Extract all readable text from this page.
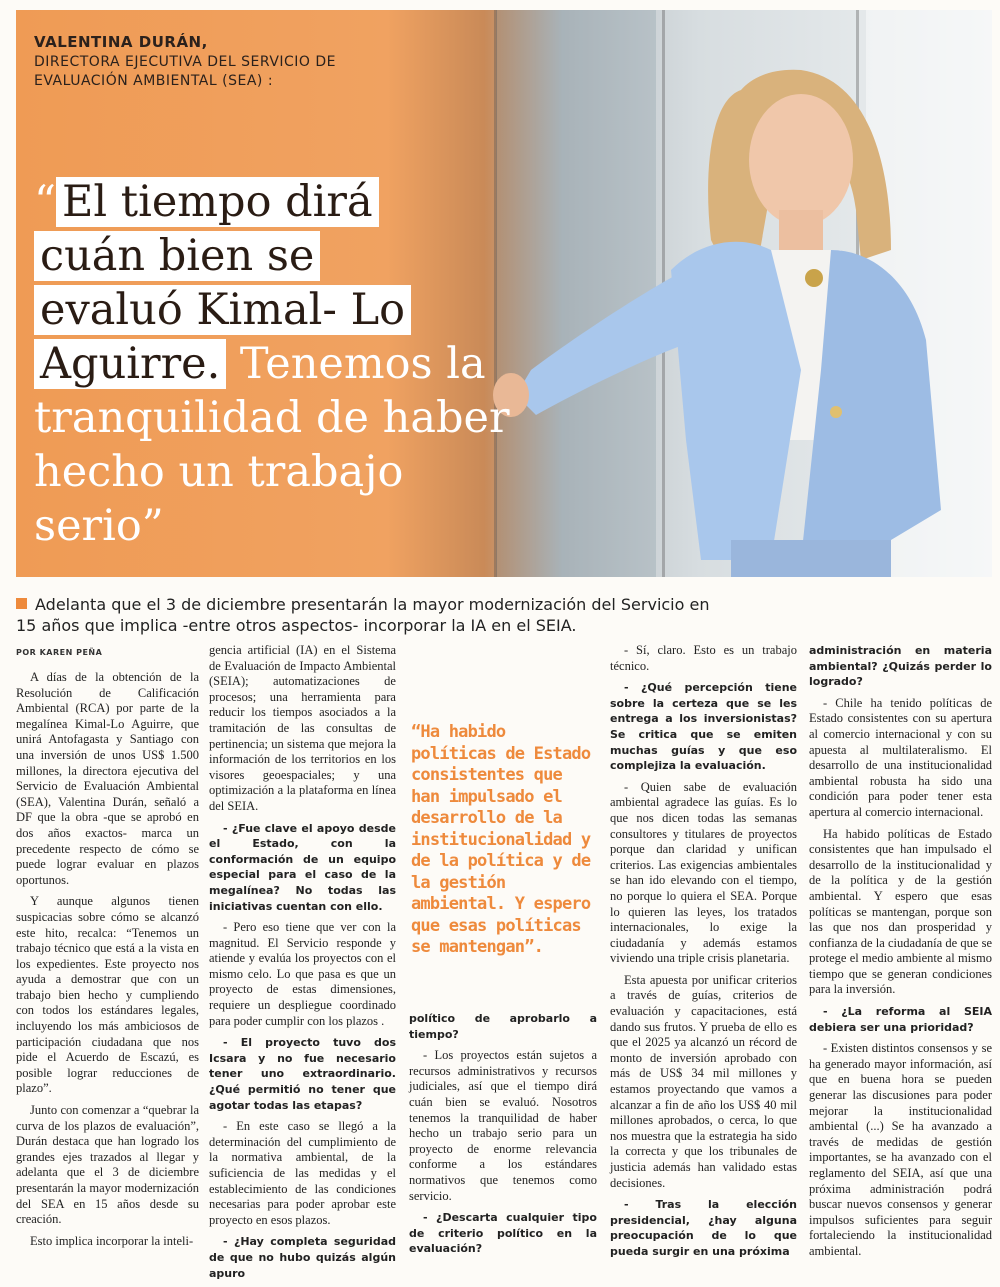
VALENTINA DURÁN,

DIRECTORA EJECUTIVA DEL SERVICIO DE EVALUACIÓN AMBIENTAL (SEA) :

“ El tiempo dirá
cuán bien se
evaluó Kimal- Lo
Aguirre. Tenemos la tranquilidad de haber hecho un trabajo serio”

Adelanta que el 3 de diciembre presentarán la mayor modernización del Servicio en 15 años que implica -entre otros aspectos- incorporar la IA en el SEIA.

POR KAREN PEÑA

A días de la obtención de la Resolución de Calificación Ambiental (RCA) por parte de la megalínea Kimal-Lo Aguirre, que unirá Antofagasta y Santiago con una inversión de unos US$ 1.500 millones, la directora ejecutiva del Servicio de Evaluación Ambiental (SEA), Valentina Durán, señaló a DF que la obra -que se aprobó en dos años exactos- marca un precedente respecto de cómo se puede lograr evaluar en plazos oportunos.

Y aunque algunos tienen suspicacias sobre cómo se alcanzó este hito, recalca: “Tenemos un trabajo técnico que está a la vista en los expedientes. Este proyecto nos ayuda a demostrar que con un trabajo bien hecho y cumpliendo con todos los estándares legales, incluyendo los más ambiciosos de participación ciudadana que nos pide el Acuerdo de Escazú, es posible lograr reducciones de plazo”.

Junto con comenzar a “quebrar la curva de los plazos de evaluación”, Durán destaca que han logrado los grandes ejes trazados al llegar y adelanta que el 3 de diciembre presentarán la mayor modernización del SEA en 15 años desde su creación.

Esto implica incorporar la inteli-

gencia artificial (IA) en el Sistema de Evaluación de Impacto Ambiental (SEIA); automatizaciones de procesos; una herramienta para reducir los tiempos asociados a la tramitación de las consultas de pertinencia; un sistema que mejora la información de los territorios en los visores geoespaciales; y una optimización a la plataforma en línea del SEIA.

- ¿Fue clave el apoyo desde el Estado, con la conformación de un equipo especial para el caso de la megalínea? No todas las iniciativas cuentan con ello.

- Pero eso tiene que ver con la magnitud. El Servicio responde y atiende y evalúa los proyectos con el mismo celo. Lo que pasa es que un proyecto de estas dimensiones, requiere un despliegue coordinado para poder cumplir con los plazos .

- El proyecto tuvo dos Icsara y no fue necesario tener uno extraordinario. ¿Qué permitió no tener que agotar todas las etapas?

- En este caso se llegó a la determinación del cumplimiento de la normativa ambiental, de la suficiencia de las medidas y el establecimiento de las condiciones necesarias para poder aprobar este proyecto en esos plazos.

- ¿Hay completa seguridad de que no hubo quizás algún apuro

“Ha habido políticas de Estado consistentes que han impulsado el desarrollo de la institucionalidad y de la política y de la gestión ambiental. Y espero que esas políticas se mantengan”.

político de aprobarlo a tiempo?

- Los proyectos están sujetos a recursos administrativos y recursos judiciales, así que el tiempo dirá cuán bien se evaluó. Nosotros tenemos la tranquilidad de haber hecho un trabajo serio para un proyecto de enorme relevancia conforme a los estándares normativos que tenemos como servicio.

- ¿Descarta cualquier tipo de criterio político en la evaluación?

- Sí, claro. Esto es un trabajo técnico.

- ¿Qué percepción tiene sobre la certeza que se les entrega a los inversionistas? Se critica que se emiten muchas guías y que eso complejiza la evaluación.

- Quien sabe de evaluación ambiental agradece las guías. Es lo que nos dicen todas las semanas consultores y titulares de proyectos porque dan claridad y unifican criterios. Las exigencias ambientales se han ido elevando con el tiempo, no porque lo quiera el SEA. Porque lo quieren las leyes, los tratados internacionales, lo exige la ciudadanía y además estamos viviendo una triple crisis planetaria.

Esta apuesta por unificar criterios a través de guías, criterios de evaluación y capacitaciones, está dando sus frutos. Y prueba de ello es que el 2025 ya alcanzó un récord de monto de inversión aprobado con más de US$ 34 mil millones y estamos proyectando que vamos a alcanzar a fin de año los US$ 40 mil millones aprobados, o cerca, lo que nos muestra que la estrategia ha sido la correcta y que los tribunales de justicia además han validado estas decisiones.

- Tras la elección presidencial, ¿hay alguna preocupación de lo que pueda surgir en una próxima

administración en materia ambiental? ¿Quizás perder lo logrado?

- Chile ha tenido políticas de Estado consistentes con su apertura al comercio internacional y con su apuesta al multilateralismo. El desarrollo de una institucionalidad ambiental robusta ha sido una condición para poder tener esta apertura al comercio internacional.

Ha habido políticas de Estado consistentes que han impulsado el desarrollo de la institucionalidad y de la política y de la gestión ambiental. Y espero que esas políticas se mantengan, porque son las que nos dan prosperidad y confianza de la ciudadanía de que se protege el medio ambiente al mismo tiempo que se generan condiciones para la inversión.

- ¿La reforma al SEIA debiera ser una prioridad?

- Existen distintos consensos y se ha generado mayor información, así que en buena hora se pueden generar las discusiones para poder mejorar la institucionalidad ambiental (...) Se ha avanzado a través de medidas de gestión importantes, se ha avanzado con el reglamento del SEIA, así que una próxima administración podrá buscar nuevos consensos y generar impulsos suficientes para seguir fortaleciendo la institucionalidad ambiental.
